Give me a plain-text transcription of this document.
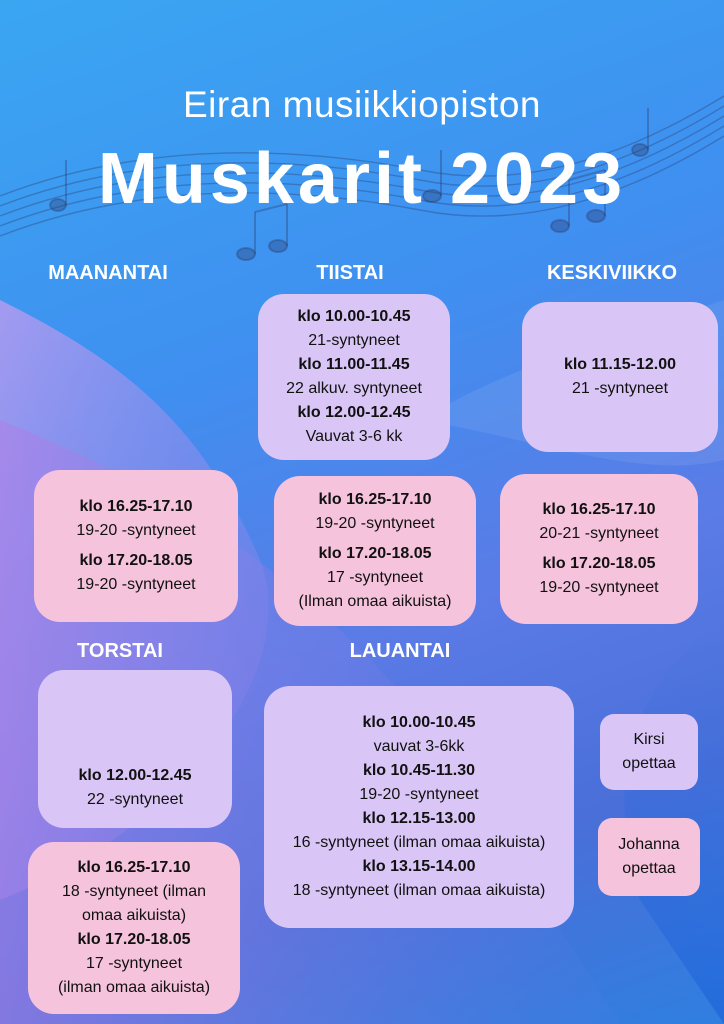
Eiran musiikkiopiston
Muskarit 2023
MAANANTAI	TIISTAI	KESKIVIIKKO
TORSTAI	LAUANTAI
klo 10.00-10.45
21-syntyneet
klo 11.00-11.45
22 alkuv. syntyneet
klo 12.00-12.45
Vauvat 3-6 kk
klo 11.15-12.00
21 -syntyneet
klo 16.25-17.10
19-20 -syntyneet
klo 17.20-18.05
19-20 -syntyneet
klo 16.25-17.10
19-20 -syntyneet
klo 17.20-18.05
17 -syntyneet
(Ilman omaa aikuista)
klo 16.25-17.10
20-21 -syntyneet
klo 17.20-18.05
19-20 -syntyneet
klo 12.00-12.45
22 -syntyneet
klo 16.25-17.10
18 -syntyneet (ilman
omaa aikuista)
klo 17.20-18.05
17 -syntyneet
(ilman omaa aikuista)
klo 10.00-10.45
vauvat 3-6kk
klo 10.45-11.30
19-20 -syntyneet
klo 12.15-13.00
16 -syntyneet (ilman omaa aikuista)
klo 13.15-14.00
18 -syntyneet (ilman omaa aikuista)
Kirsi
opettaa
Johanna
opettaa
